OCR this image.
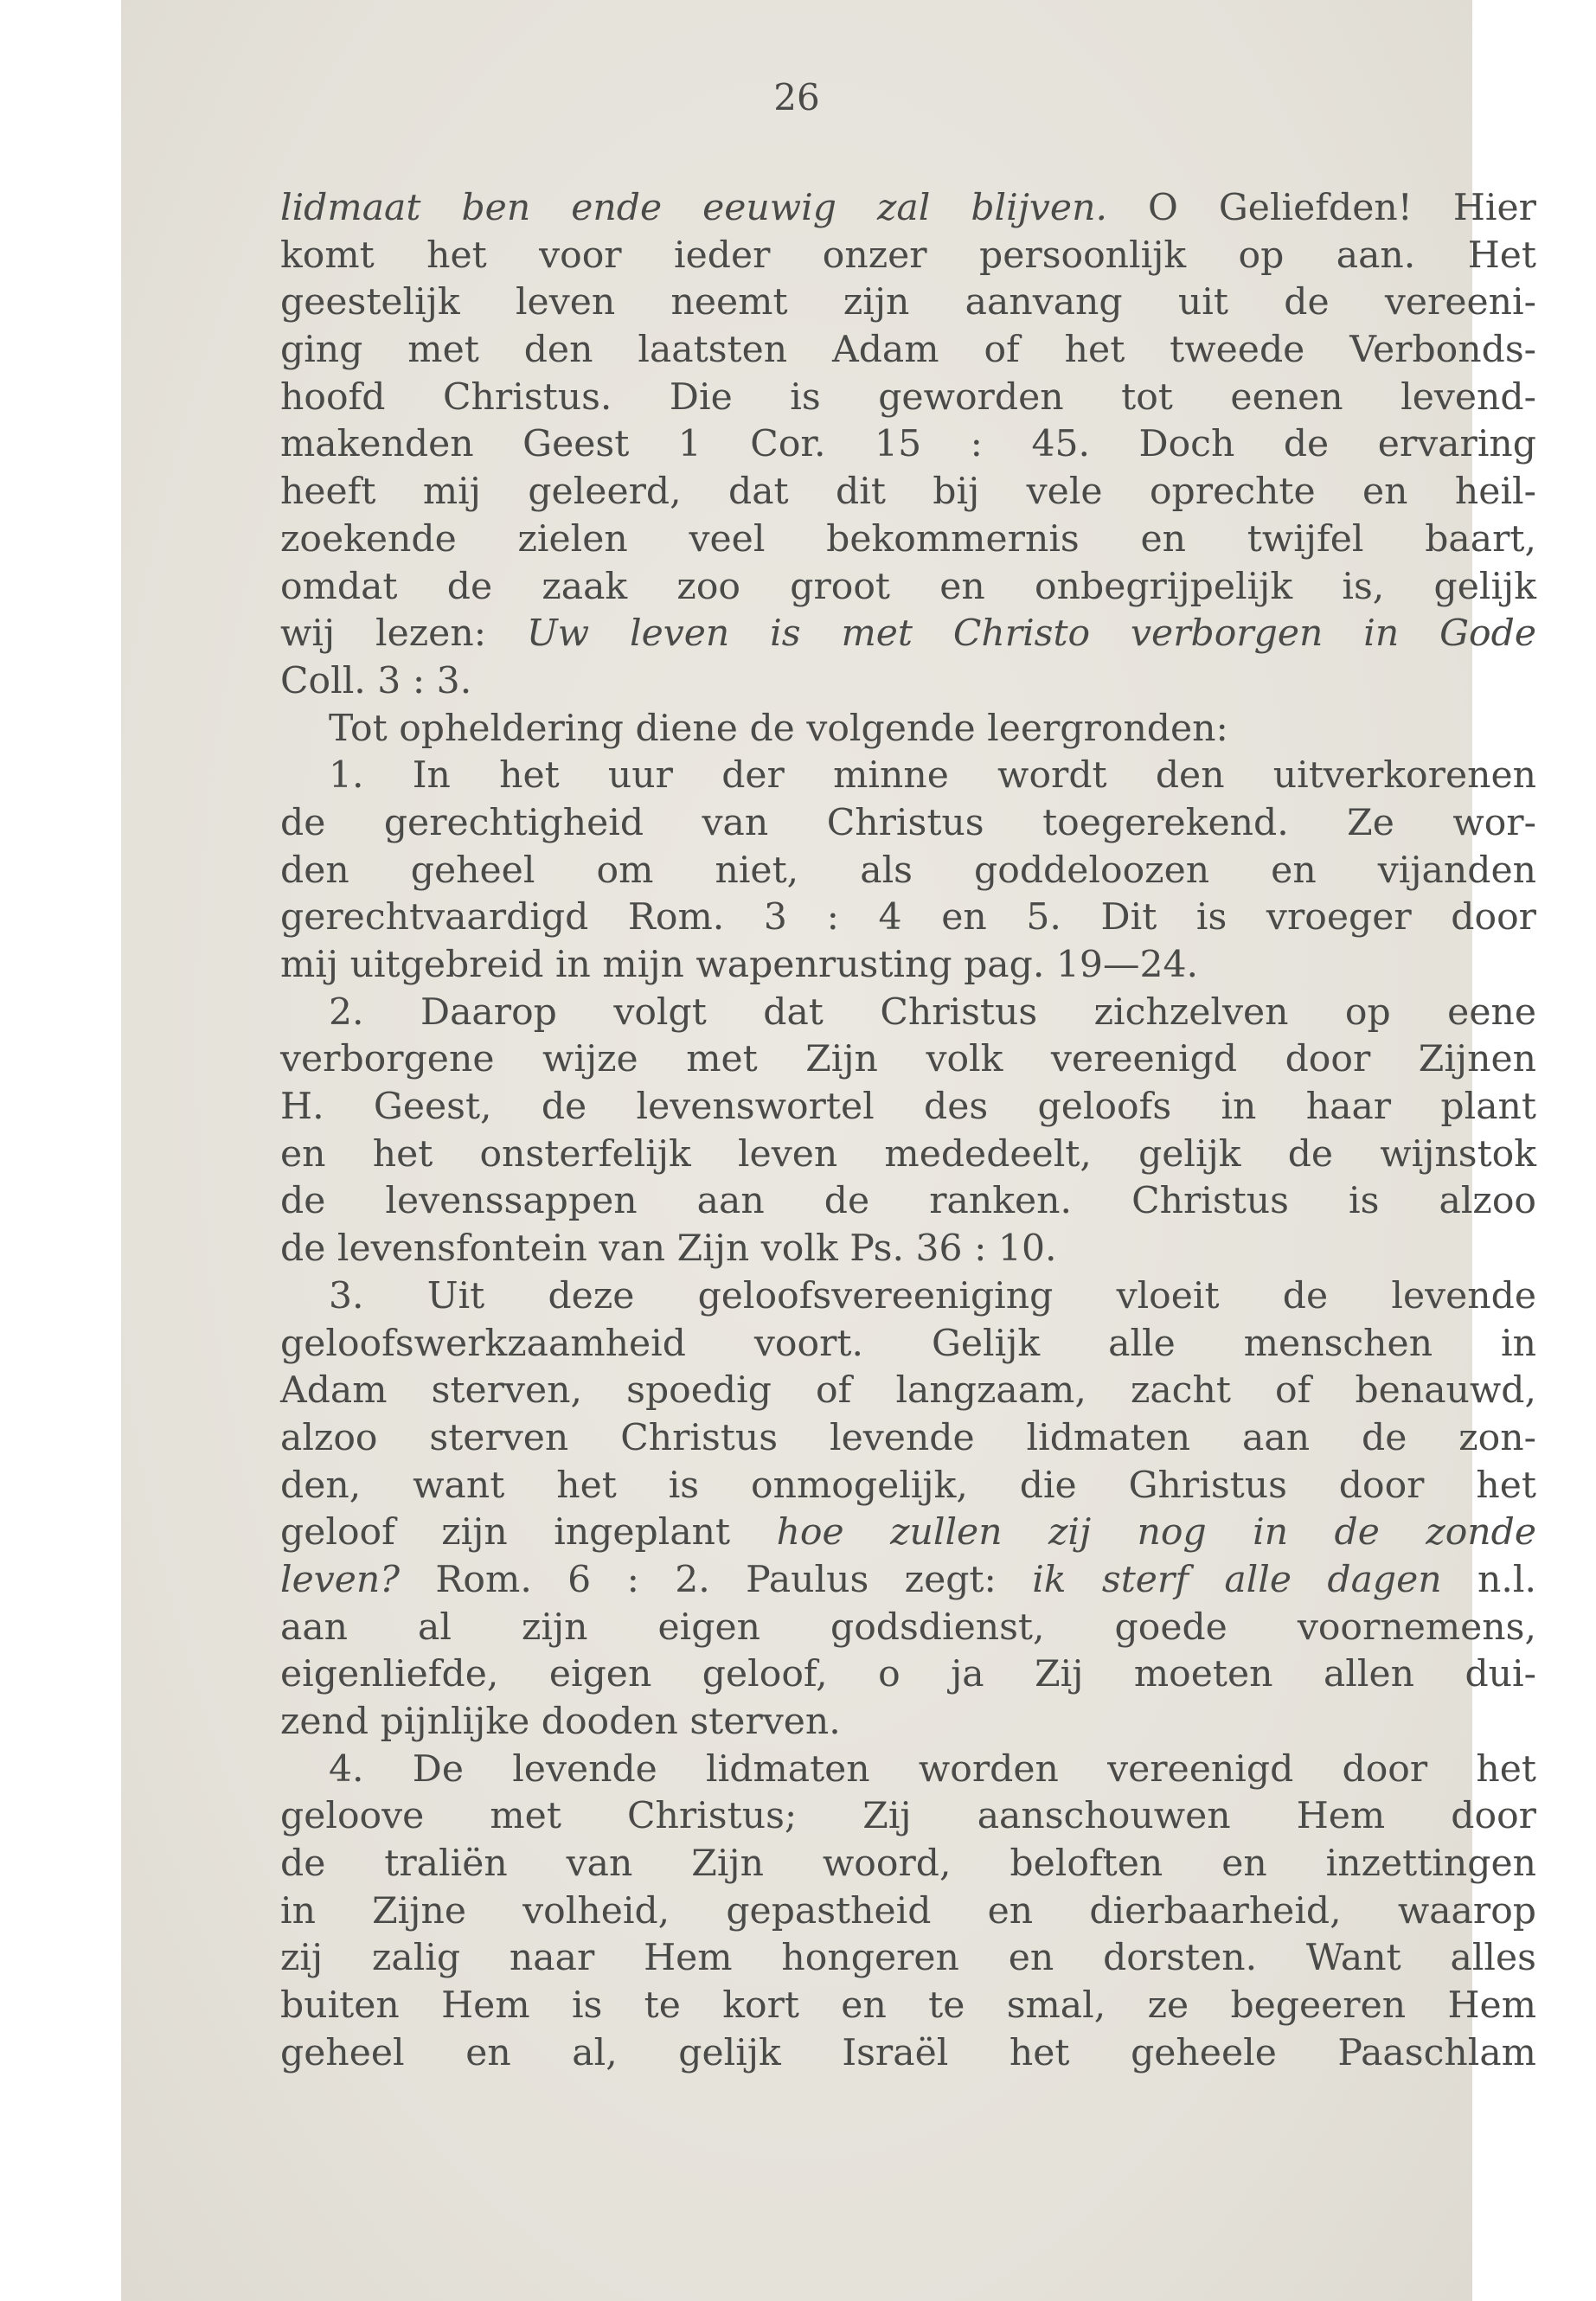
26
lidmaat ben ende eeuwig zal blijven. O Geliefden! Hier
komt het voor ieder onzer persoonlijk op aan. Het
geestelijk leven neemt zijn aanvang uit de vereeni-
ging met den laatsten Adam of het tweede Verbonds-
hoofd Christus. Die is geworden tot eenen levend-
makenden Geest 1 Cor. 15 : 45. Doch de ervaring
heeft mij geleerd, dat dit bij vele oprechte en heil-
zoekende zielen veel bekommernis en twijfel baart,
omdat de zaak zoo groot en onbegrijpelijk is, gelijk
wij lezen: Uw leven is met Christo verborgen in Gode
Coll. 3 : 3.
Tot opheldering diene de volgende leergronden:
1. In het uur der minne wordt den uitverkorenen
de gerechtigheid van Christus toegerekend. Ze wor-
den geheel om niet, als goddeloozen en vijanden
gerechtvaardigd Rom. 3 : 4 en 5. Dit is vroeger door
mij uitgebreid in mijn wapenrusting pag. 19—24.
2. Daarop volgt dat Christus zichzelven op eene
verborgene wijze met Zijn volk vereenigd door Zijnen
H. Geest, de levenswortel des geloofs in haar plant
en het onsterfelijk leven mededeelt, gelijk de wijnstok
de levenssappen aan de ranken. Christus is alzoo
de levensfontein van Zijn volk Ps. 36 : 10.
3. Uit deze geloofsvereeniging vloeit de levende
geloofswerkzaamheid voort. Gelijk alle menschen in
Adam sterven, spoedig of langzaam, zacht of benauwd,
alzoo sterven Christus levende lidmaten aan de zon-
den, want het is onmogelijk, die Ghristus door het
geloof zijn ingeplant hoe zullen zij nog in de zonde
leven? Rom. 6 : 2. Paulus zegt: ik sterf alle dagen n.l.
aan al zijn eigen godsdienst, goede voornemens,
eigenliefde, eigen geloof, o ja Zij moeten allen dui-
zend pijnlijke dooden sterven.
4. De levende lidmaten worden vereenigd door het
geloove met Christus; Zij aanschouwen Hem door
de traliën van Zijn woord, beloften en inzettingen
in Zijne volheid, gepastheid en dierbaarheid, waarop
zij zalig naar Hem hongeren en dorsten. Want alles
buiten Hem is te kort en te smal, ze begeeren Hem
geheel en al, gelijk Israël het geheele Paaschlam
